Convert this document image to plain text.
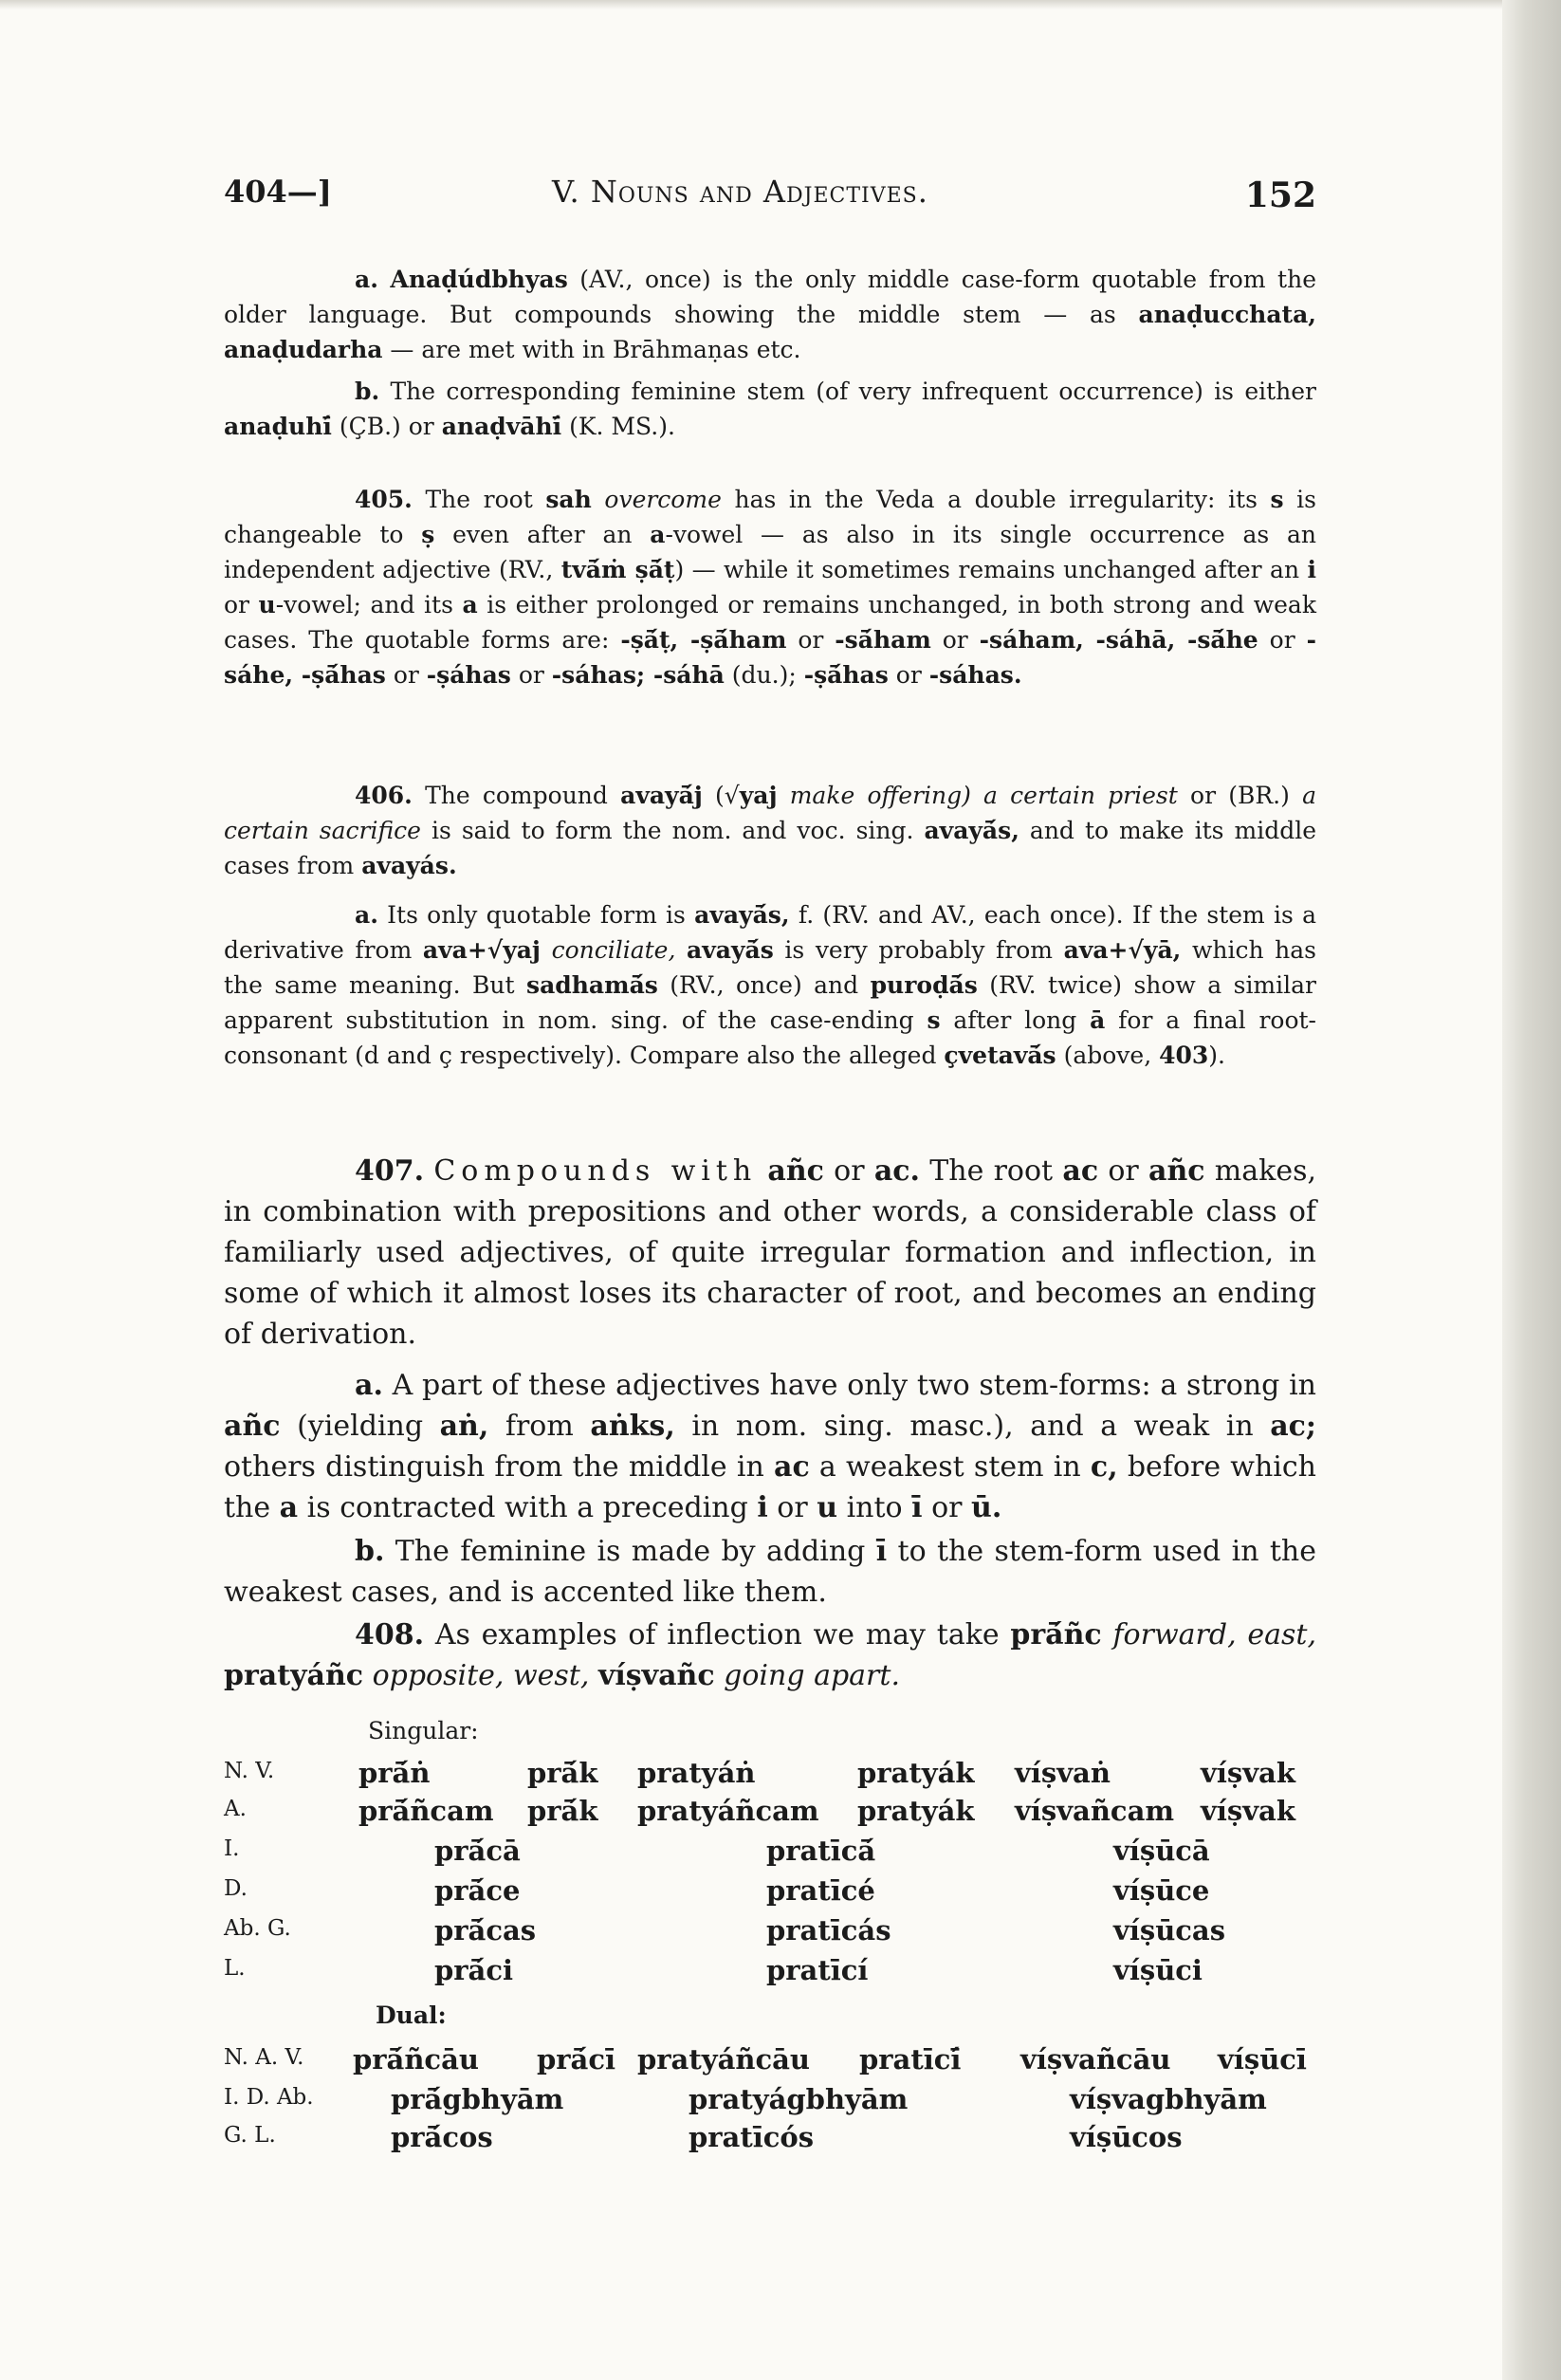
404—]	V. Nouns and Adjectives.	152

a. Anaḍúdbhyas (AV., once) is the only middle case-form quotable from the older language. But compounds showing the middle stem — as anaḍucchata, anaḍudarha — are met with in Brāhmaṇas etc.

b. The corresponding feminine stem (of very infrequent occurrence) is either anaḍuhī́ (ÇB.) or anaḍvāhī́ (K. MS.).

405. The root sah overcome has in the Veda a double irregularity: its s is changeable to ṣ even after an a-vowel — as also in its single occurrence as an independent adjective (RV., tvā́ṁ ṣā́ṭ) — while it sometimes remains unchanged after an i or u-vowel; and its a is either prolonged or remains unchanged, in both strong and weak cases. The quotable forms are: -ṣā́ṭ, -ṣā́ham or -sā́ham or -sáham, -sáhā, -sā́he or -sáhe, -ṣā́has or -ṣáhas or -sáhas; -sáhā (du.); -ṣā́has or -sáhas.

406. The compound avayā́j (√yaj make offering) a certain priest or (BR.) a certain sacrifice is said to form the nom. and voc. sing. avayā́s, and to make its middle cases from avayás.

a. Its only quotable form is avayā́s, f. (RV. and AV., each once). If the stem is a derivative from ava+√yaj conciliate, avayā́s is very probably from ava+√yā, which has the same meaning. But sadhamā́s (RV., once) and puroḍā́s (RV. twice) show a similar apparent substitution in nom. sing. of the case-ending s after long ā for a final root-consonant (d and ç respectively). Compare also the alleged çvetavā́s (above, 403).

407. Compounds with añc or ac. The root ac or añc makes, in combination with prepositions and other words, a considerable class of familiarly used adjectives, of quite irregular formation and inflection, in some of which it almost loses its character of root, and becomes an ending of derivation.

a. A part of these adjectives have only two stem-forms: a strong in añc (yielding aṅ, from aṅks, in nom. sing. masc.), and a weak in ac; others distinguish from the middle in ac a weakest stem in c, before which the a is contracted with a preceding i or u into ī or ū.

b. The feminine is made by adding ī to the stem-form used in the weakest cases, and is accented like them.

408. As examples of inflection we may take prā́ñc forward, east, pratyáñc opposite, west, víṣvañc going apart.

Singular:
N. V.	prā́ṅ	prā́k pratyáṅ	pratyák víṣvaṅ	víṣvak
A.	prā́ñcam prā́k pratyáñcam pratyák víṣvañcam víṣvak
I.	prā́cā	pratīcā́	víṣūcā
D.	prā́ce	pratīcé	víṣūce
Ab. G.	prā́cas	pratīcás	víṣūcas
L.	prā́ci	pratīcí	víṣūci
Dual:
N. A. V. prā́ñcāu prā́cī pratyáñcāu pratīcī́ víṣvañcāu víṣūcī
I. D. Ab.	prā́gbhyām	pratyágbhyām	víṣvagbhyām
G. L.	prā́cos	pratīcós	víṣūcos
